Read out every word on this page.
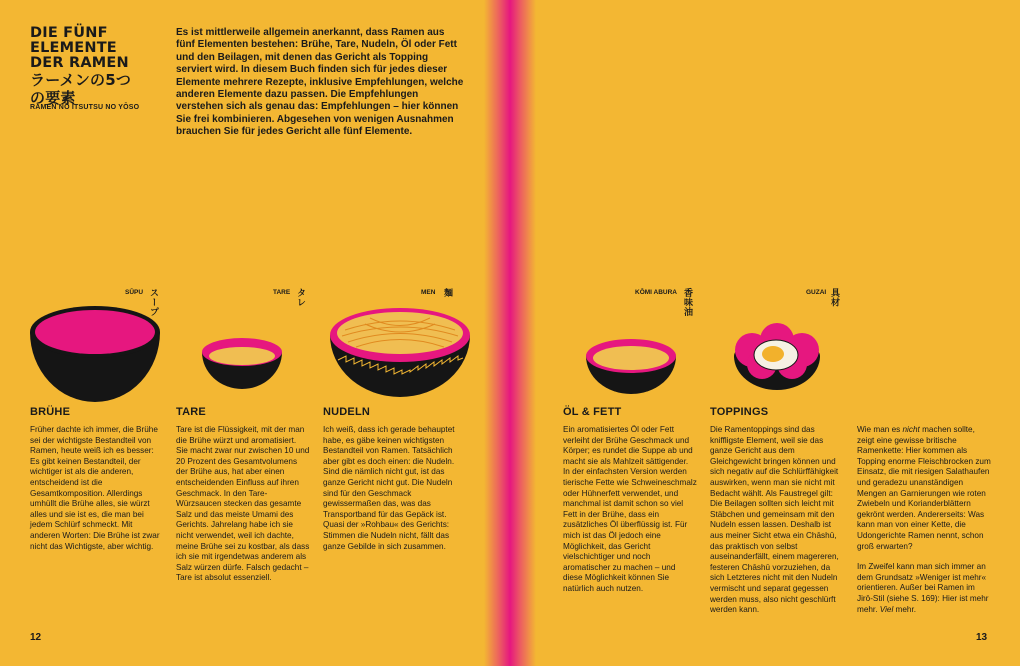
DIE FÜNF
ELEMENTE
DER RAMEN
ラーメンの5つ
の要素
RAMEN NO ITSUTSU NO YŌSO
Es ist mittlerweile allgemein anerkannt, dass Ramen aus fünf Elementen bestehen: Brühe, Tare, Nudeln, Öl oder Fett und den Beilagen, mit denen das Gericht als Topping serviert wird. In diesem Buch finden sich für jedes dieser Elemente mehrere Rezepte, inklusive Empfehlungen, welche anderen Elemente dazu passen. Die Empfehlungen verstehen sich als genau das: Empfehlungen – hier können Sie frei kombinieren. Abgesehen von wenigen Ausnahmen brauchen Sie für jedes Gericht alle fünf Elemente.
SŪPU スープ	TARE タレ	MEN 麺	KŌMI ABURA 香味油	GUZAI 具材
BRÜHE	TARE	NUDELN	ÖL & FETT	TOPPINGS
Früher dachte ich immer, die Brühe sei der wichtigste Bestandteil von Ramen, heute weiß ich es besser: Es gibt keinen Bestandteil, der wichtiger ist als die anderen, entscheidend ist die Gesamtkomposition. Allerdings umhüllt die Brühe alles, sie würzt alles und sie ist es, die man bei jedem Schlürf schmeckt. Mit anderen Worten: Die Brühe ist zwar nicht das Wichtigste, aber wichtig.
Tare ist die Flüssigkeit, mit der man die Brühe würzt und aromatisiert. Sie macht zwar nur zwischen 10 und 20 Prozent des Gesamtvolumens der Brühe aus, hat aber einen entscheidenden Einfluss auf ihren Geschmack. In den Tare-Würzsaucen stecken das gesamte Salz und das meiste Umami des Gerichts. Jahrelang habe ich sie nicht verwendet, weil ich dachte, meine Brühe sei zu kostbar, als dass ich sie mit irgendetwas anderem als Salz würzen dürfe. Falsch gedacht – Tare ist absolut essenziell.
Ich weiß, dass ich gerade behauptet habe, es gäbe keinen wichtigsten Bestandteil von Ramen. Tatsächlich aber gibt es doch einen: die Nudeln. Sind die nämlich nicht gut, ist das ganze Gericht nicht gut. Die Nudeln sind für den Geschmack gewissermaßen das, was das Transportband für das Gepäck ist. Quasi der »Rohbau« des Gerichts: Stimmen die Nudeln nicht, fällt das ganze Gebilde in sich zusammen.
Ein aromatisiertes Öl oder Fett verleiht der Brühe Geschmack und Körper; es rundet die Suppe ab und macht sie als Mahlzeit sättigender. In der einfachsten Version werden tierische Fette wie Schweineschmalz oder Hühnerfett verwendet, und manchmal ist damit schon so viel Fett in der Brühe, dass ein zusätzliches Öl überflüssig ist. Für mich ist das Öl jedoch eine Möglichkeit, das Gericht vielschichtiger und noch aromatischer zu machen – und diese Möglichkeit können Sie natürlich auch nutzen.
Die Ramentoppings sind das kniffligste Element, weil sie das ganze Gericht aus dem Gleichgewicht bringen können und sich negativ auf die Schlürffähigkeit auswirken, wenn man sie nicht mit Bedacht wählt. Als Faustregel gilt: Die Beilagen sollten sich leicht mit Stäbchen und gemeinsam mit den Nudeln essen lassen. Deshalb ist aus meiner Sicht etwa ein Chāshū, das praktisch von selbst auseinanderfällt, einem magereren, festeren Chāshū vorzuziehen, da sich Letzteres nicht mit den Nudeln vermischt und separat gegessen werden muss, also nicht geschlürft werden kann.
Wie man es nicht machen sollte, zeigt eine gewisse britische Ramenkette: Hier kommen als Topping enorme Fleischbrocken zum Einsatz, die mit riesigen Salathaufen und geradezu unanständigen Mengen an Garnierungen wie roten Zwiebeln und Korianderblättern gekrönt werden. Andererseits: Was kann man von einer Kette, die Udongerichte Ramen nennt, schon groß erwarten?
Im Zweifel kann man sich immer an dem Grundsatz »Weniger ist mehr« orientieren. Außer bei Ramen im Jirō-Stil (siehe S. 169): Hier ist mehr mehr. Viel mehr.
12	13
